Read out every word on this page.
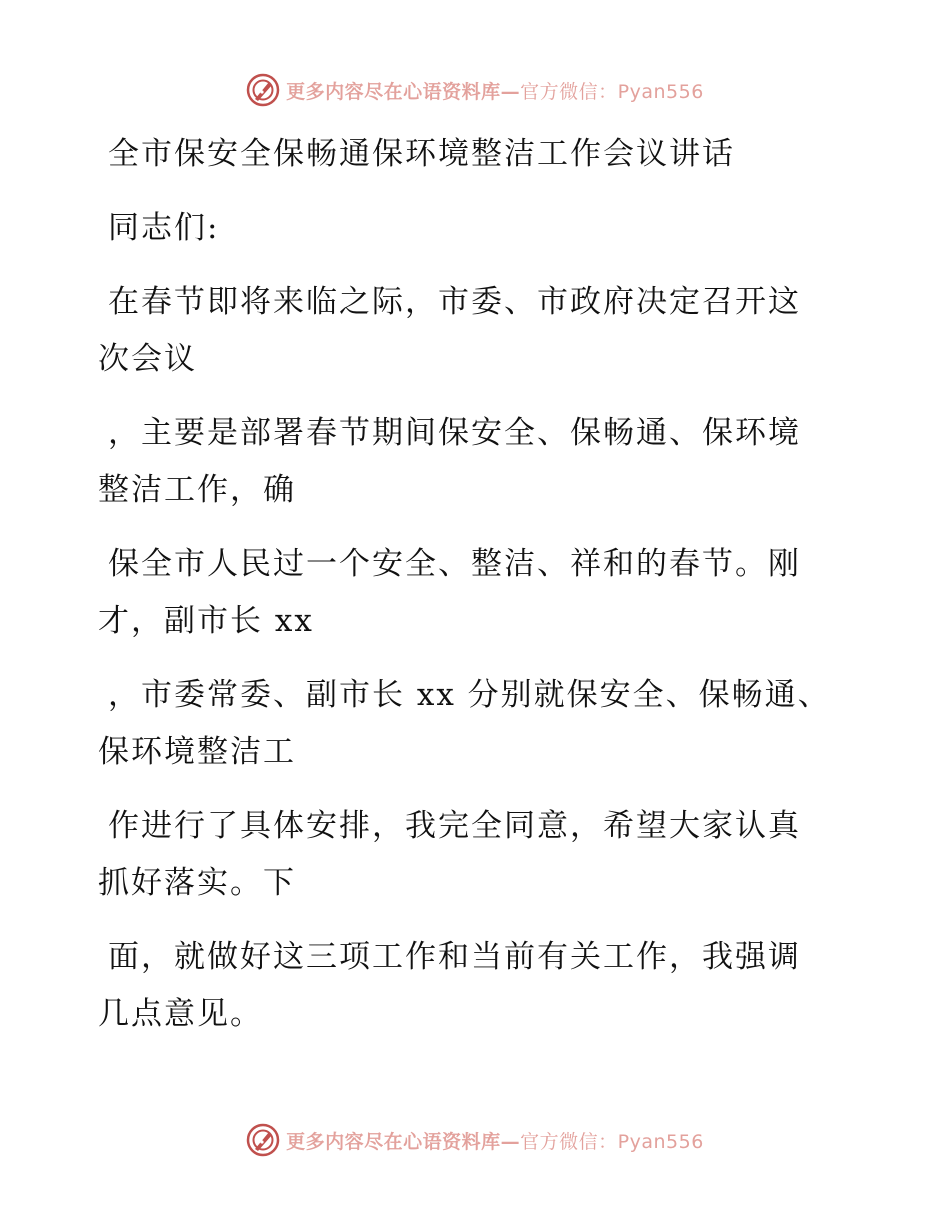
更多内容尽在心语资料库—官方微信：Pyan556
全市保安全保畅通保环境整洁工作会议讲话
同志们:
在春节即将来临之际，市委、市政府决定召开这
次会议
，主要是部署春节期间保安全、保畅通、保环境
整洁工作，确
保全市人民过一个安全、整洁、祥和的春节。刚
才，副市长 xx
，市委常委、副市长 xx 分别就保安全、保畅通、
保环境整洁工
作进行了具体安排，我完全同意，希望大家认真
抓好落实。下
面，就做好这三项工作和当前有关工作，我强调
几点意见。
更多内容尽在心语资料库—官方微信：Pyan556
